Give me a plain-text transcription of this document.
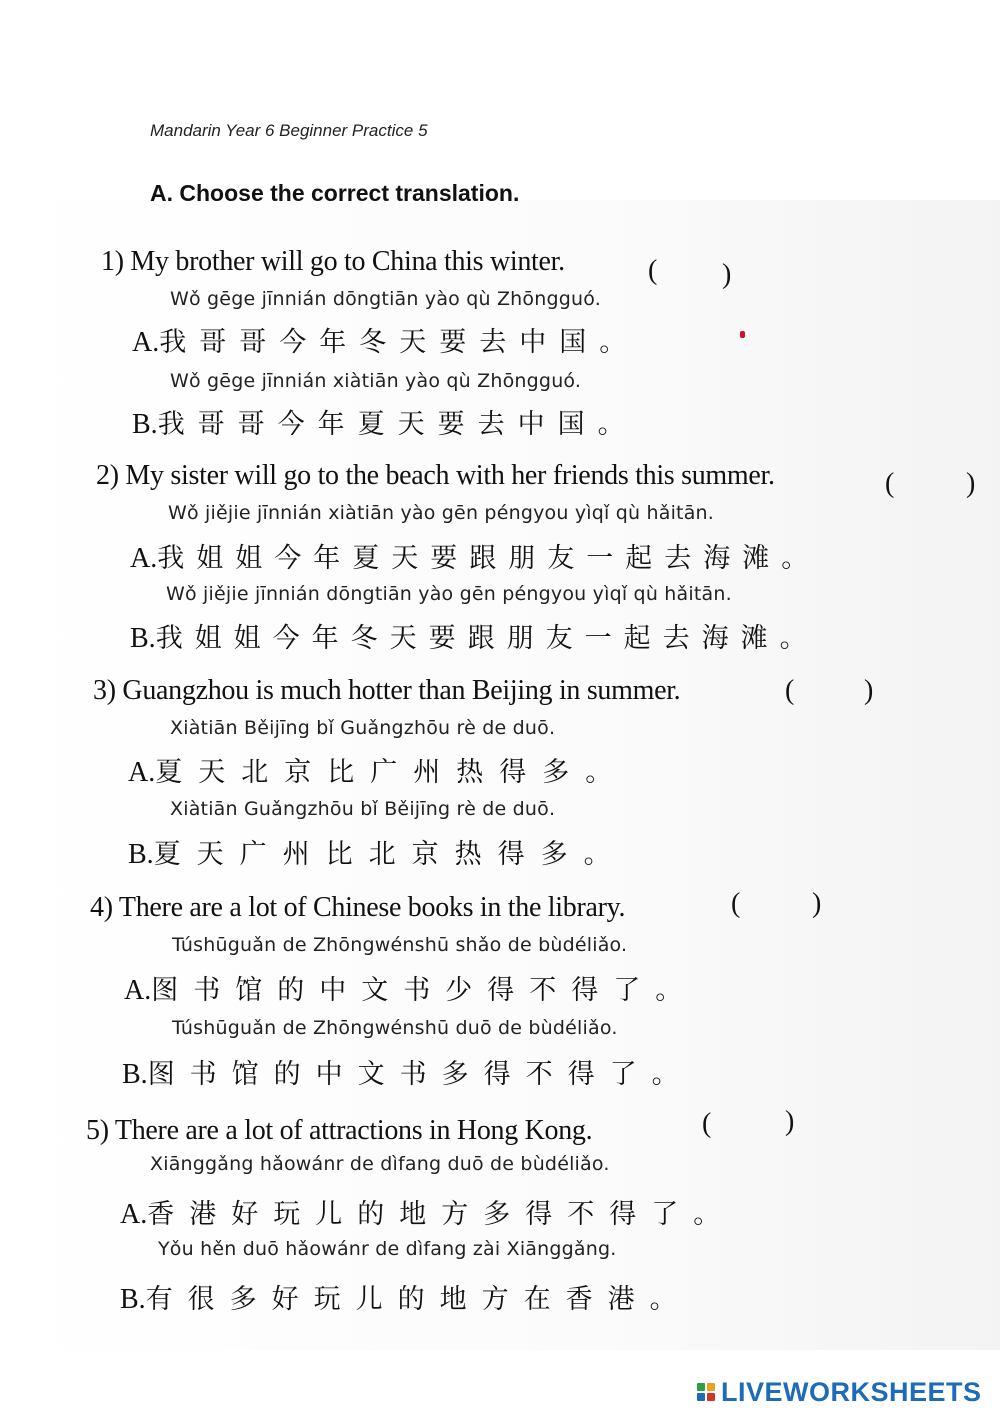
Mandarin Year 6 Beginner Practice 5
A. Choose the correct translation.
1) My brother will go to China this winter.	( )
Wǒ gēge jīnnián dōngtiān yào qù Zhōngguó.
A.我哥哥今年冬天要去中国。
Wǒ gēge jīnnián xiàtiān yào qù Zhōngguó.
B.我哥哥今年夏天要去中国。
2) My sister will go to the beach with her friends this summer.	(	)
Wǒ jiějie jīnnián xiàtiān yào gēn péngyou yìqǐ qù hǎitān.
A.我姐姐今年夏天要跟朋友一起去海滩。
Wǒ jiějie jīnnián dōngtiān yào gēn péngyou yìqǐ qù hǎitān.
B.我姐姐今年冬天要跟朋友一起去海滩。
3) Guangzhou is much hotter than Beijing in summer.	( )
Xiàtiān Běijīng bǐ Guǎngzhōu rè de duō.
A.夏天北京比广州热得多。
Xiàtiān Guǎngzhōu bǐ Běijīng rè de duō.
B.夏天广州比北京热得多。
4) There are a lot of Chinese books in the library.	(	)
Túshūguǎn de Zhōngwénshū shǎo de bùdéliǎo.
A.图书馆的中文书少得不得了。
Túshūguǎn de Zhōngwénshū duō de bùdéliǎo.
B.图书馆的中文书多得不得了。
5) There are a lot of attractions in Hong Kong.	(	)
Xiānggǎng hǎowánr de dìfang duō de bùdéliǎo.
A.香港好玩儿的地方多得不得了。
Yǒu hěn duō hǎowánr de dìfang zài Xiānggǎng.
B.有很多好玩儿的地方在香港。
LIVEWORKSHEETS
